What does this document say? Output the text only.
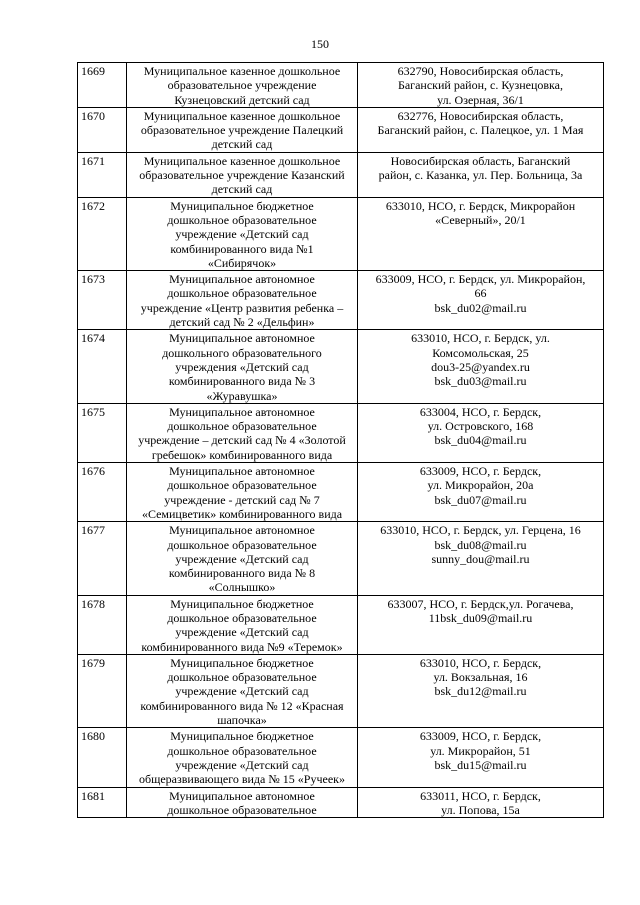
150
1669	Муниципальное казенное дошкольное
образовательное учреждение
Кузнецовский детский сад	632790, Новосибирская область,
Баганский район, с. Кузнецовка,
ул. Озерная, 36/1

1670	Муниципальное казенное дошкольное
образовательное учреждение Палецкий
детский сад	632776, Новосибирская область,
Баганский район, с. Палецкое, ул. 1 Мая

1671	Муниципальное казенное дошкольное
образовательное учреждение Казанский
детский сад	Новосибирская область, Баганский
район, с. Казанка, ул. Пер. Больница, 3а

1672	Муниципальное бюджетное
дошкольное образовательное
учреждение «Детский сад
комбинированного вида №1
«Сибирячок»	633010, НСО, г. Бердск, Микрорайон
«Северный», 20/1

1673	Муниципальное автономное
дошкольное образовательное
учреждение «Центр развития ребенка –
детский сад № 2 «Дельфин»	633009, НСО, г. Бердск, ул. Микрорайон,
66
bsk_du02@mail.ru

1674	Муниципальное автономное
дошкольного образовательного
учреждения «Детский сад
комбинированного вида № 3
«Журавушка»	633010, НСО, г. Бердск, ул.
Комсомольская, 25
dou3-25@yandex.ru
bsk_du03@mail.ru

1675	Муниципальное автономное
дошкольное образовательное
учреждение – детский сад № 4 «Золотой
гребешок» комбинированного вида	633004, НСО, г. Бердск,
ул. Островского, 168
bsk_du04@mail.ru

1676	Муниципальное автономное
дошкольное образовательное
учреждение - детский сад № 7
«Семицветик» комбинированного вида	633009, НСО, г. Бердск,
ул. Микрорайон, 20а
bsk_du07@mail.ru

1677	Муниципальное автономное
дошкольное образовательное
учреждение «Детский сад
комбинированного вида № 8
«Солнышко»	633010, НСО, г. Бердск, ул. Герцена, 16
bsk_du08@mail.ru
sunny_dou@mail.ru

1678	Муниципальное бюджетное
дошкольное образовательное
учреждение «Детский сад
комбинированного вида №9 «Теремок»	633007, НСО, г. Бердск,ул. Рогачева,
11bsk_du09@mail.ru

1679	Муниципальное бюджетное
дошкольное образовательное
учреждение «Детский сад
комбинированного вида № 12 «Красная
шапочка»	633010, НСО, г. Бердск,
ул. Вокзальная, 16
bsk_du12@mail.ru

1680	Муниципальное бюджетное
дошкольное образовательное
учреждение «Детский сад
общеразвивающего вида № 15 «Ручеек»	633009, НСО, г. Бердск,
ул. Микрорайон, 51
bsk_du15@mail.ru

1681	Муниципальное автономное
дошкольное образовательное	633011, НСО, г. Бердск,
ул. Попова, 15а
